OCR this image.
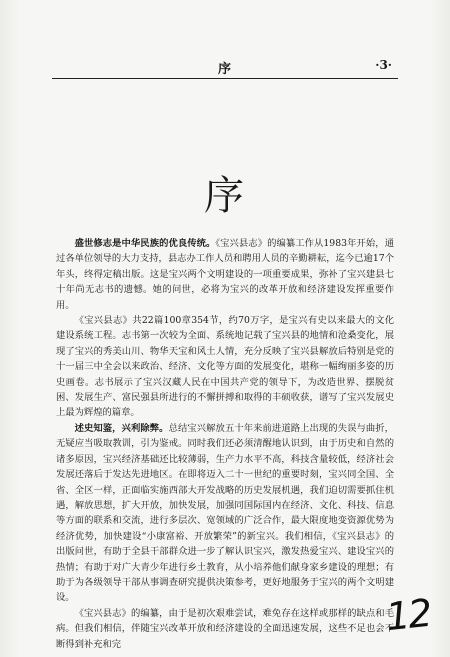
序	·3·
序

盛世修志是中华民族的优良传统。《宝兴县志》的编纂工作从1983年开始，通过各单位领导的大力支持，县志办工作人员和聘用人员的辛勤耕耘，迄今已逾17个年头，终得定稿出版。这是宝兴两个文明建设的一项重要成果，弥补了宝兴建县七十年尚无志书的遗憾。她的问世，必将为宝兴的改革开放和经济建设发挥重要作用。

《宝兴县志》共22篇100章354节，约70万字，是宝兴有史以来最大的文化建设系统工程。志书第一次较为全面、系统地记载了宝兴县的地情和沧桑变化，展现了宝兴的秀美山川、物华天宝和风土人情，充分反映了宝兴县解放后特别是党的十一届三中全会以来政治、经济、文化等方面的发展变化，堪称一幅绚丽多姿的历史画卷。志书展示了宝兴汉藏人民在中国共产党的领导下，为改造世界、摆脱贫困、发展生产、富民强县所进行的不懈拼搏和取得的丰硕收获，谱写了宝兴发展史上最为辉煌的篇章。

述史知鉴，兴利除弊。总结宝兴解放五十年来前进道路上出现的失误与曲折，无疑应当吸取教训，引为鉴戒。同时我们还必须清醒地认识到，由于历史和自然的诸多原因，宝兴经济基础还比较薄弱，生产力水平不高，科技含量较低，经济社会发展还落后于发达先进地区。在即将迈入二十一世纪的重要时刻，宝兴同全国、全省、全区一样，正面临实施西部大开发战略的历史发展机遇，我们迫切需要抓住机遇，解放思想，扩大开放，加快发展，加强同国际国内在经济、文化、科技、信息等方面的联系和交流，进行多层次、宽领域的广泛合作，最大限度地变资源优势为经济优势，加快建设“小康富裕、开放繁荣”的新宝兴。我们相信，《宝兴县志》的出版问世，有助于全县干部群众进一步了解认识宝兴，激发热爱宝兴、建设宝兴的热情；有助于对广大青少年进行乡土教育，从小培养他们献身家乡建设的理想；有助于为各级领导干部从事调查研究提供决策参考，更好地服务于宝兴的两个文明建设。

《宝兴县志》的编纂，由于是初次艰难尝试，难免存在这样或那样的缺点和毛病。但我们相信，伴随宝兴改革开放和经济建设的全面迅速发展，这些不足也会不断得到补充和完

12
